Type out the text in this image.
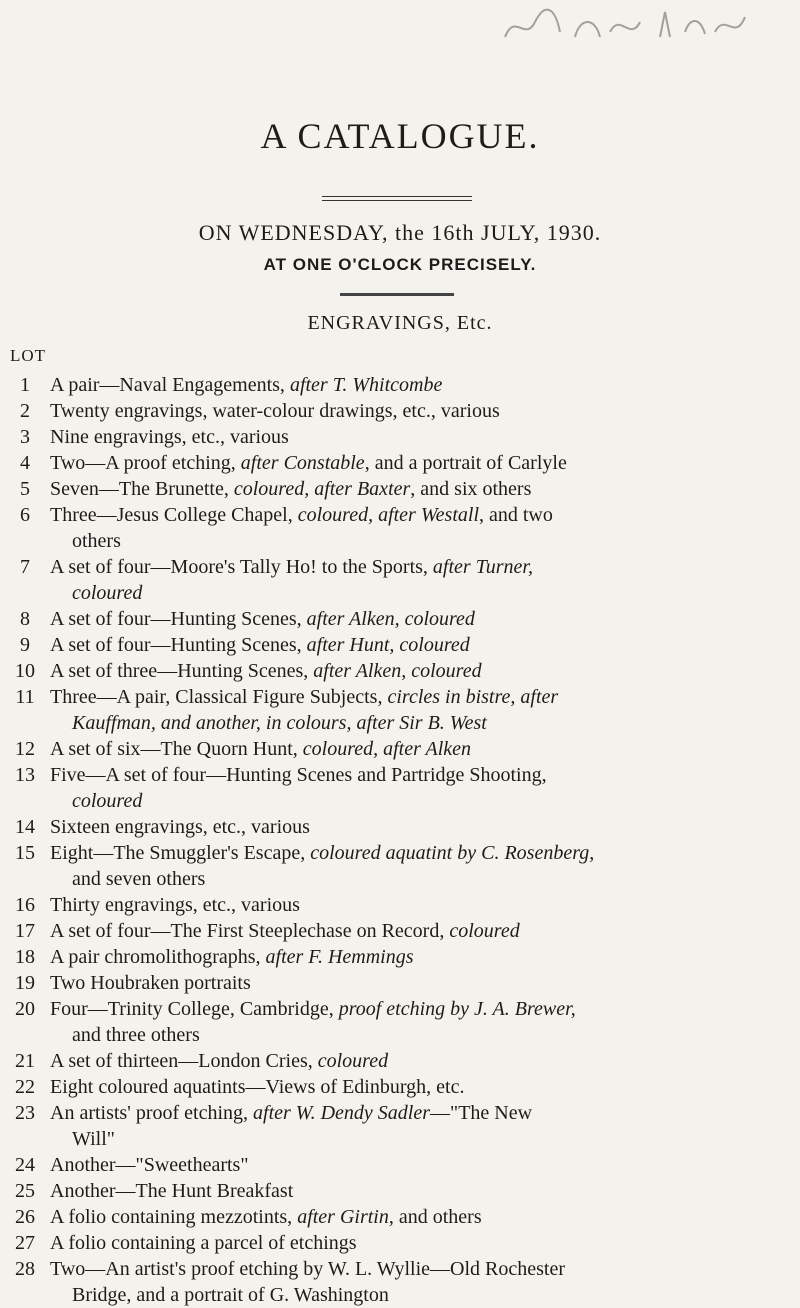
A CATALOGUE.
ON WEDNESDAY, the 16th JULY, 1930.
AT ONE O'CLOCK PRECISELY.
ENGRAVINGS, Etc.
LOT
1	A pair—Naval Engagements, after T. Whitcombe
2	Twenty engravings, water-colour drawings, etc., various
3	Nine engravings, etc., various
4	Two—A proof etching, after Constable, and a portrait of Carlyle
5	Seven—The Brunette, coloured, after Baxter, and six others
6	Three—Jesus College Chapel, coloured, after Westall, and two
others
7	A set of four—Moore's Tally Ho! to the Sports, after Turner,
coloured
8	A set of four—Hunting Scenes, after Alken, coloured
9	A set of four—Hunting Scenes, after Hunt, coloured
10 A set of three—Hunting Scenes, after Alken, coloured
11 Three—A pair, Classical Figure Subjects, circles in bistre, after
Kauffman, and another, in colours, after Sir B. West
12 A set of six—The Quorn Hunt, coloured, after Alken
13 Five—A set of four—Hunting Scenes and Partridge Shooting,
coloured
14 Sixteen engravings, etc., various
15 Eight—The Smuggler's Escape, coloured aquatint by C. Rosenberg,
and seven others
16 Thirty engravings, etc., various
17 A set of four—The First Steeplechase on Record, coloured
18 A pair chromolithographs, after F. Hemmings
19 Two Houbraken portraits
20 Four—Trinity College, Cambridge, proof etching by J. A. Brewer,
and three others
21 A set of thirteen—London Cries, coloured
22 Eight coloured aquatints—Views of Edinburgh, etc.
23 An artists' proof etching, after W. Dendy Sadler—"The New
Will"
24 Another—"Sweethearts"
25 Another—The Hunt Breakfast
26 A folio containing mezzotints, after Girtin, and others
27 A folio containing a parcel of etchings
28 Two—An artist's proof etching by W. L. Wyllie—Old Rochester
Bridge, and a portrait of G. Washington
